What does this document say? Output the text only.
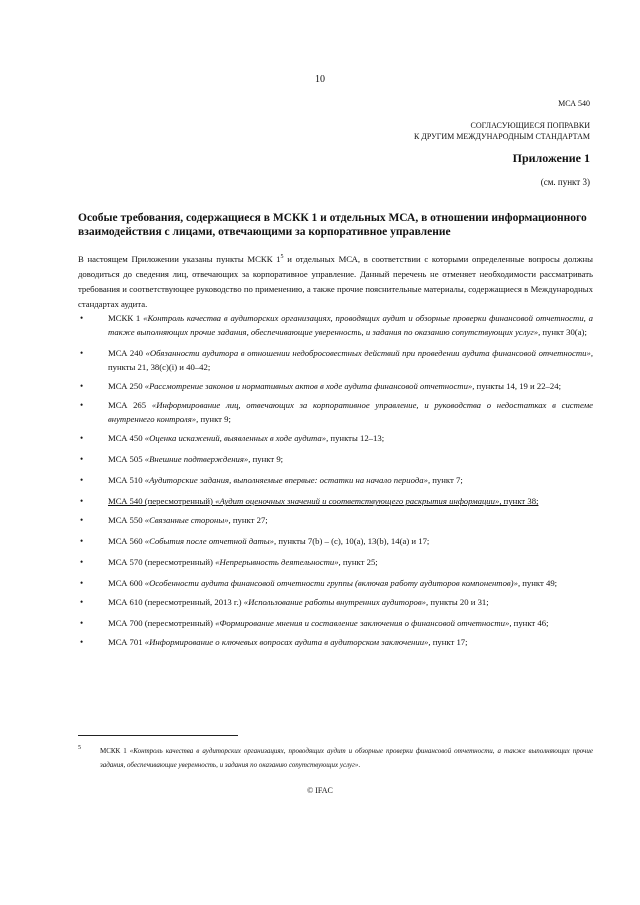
10
МСА 540
СОГЛАСУЮЩИЕСЯ ПОПРАВКИ
К ДРУГИМ МЕЖДУНАРОДНЫМ СТАНДАРТАМ
Приложение 1
(см. пункт 3)
Особые требования, содержащиеся в МСКК 1 и отдельных МСА, в отношении информационного взаимодействия с лицами, отвечающими за корпоративное управление
В настоящем Приложении указаны пункты МСКК $1^5$ и отдельных МСА, в соответствии с которыми определенные вопросы должны доводиться до сведения лиц, отвечающих за корпоративное управление. Данный перечень не отменяет необходимости рассматривать требования и соответствующее руководство по применению, а также прочие пояснительные материалы, содержащиеся в Международных стандартах аудита.
•	МСКК 1 «Контроль качества в аудиторских организациях, проводящих аудит и обзорные проверки финансовой отчетности, а также выполняющих прочие задания, обеспечивающие уверенность, и задания по оказанию сопутствующих услуг», пункт 30(a);
•	МСА 240 «Обязанности аудитора в отношении недобросовестных действий при проведении аудита финансовой отчетности», пункты 21, 38(c)(i) и 40–42;
•	МСА 250 «Рассмотрение законов и нормативных актов в ходе аудита финансовой отчетности», пункты 14, 19 и 22–24;
•	МСА 265 «Информирование лиц, отвечающих за корпоративное управление, и руководства о недостатках в системе внутреннего контроля», пункт 9;
•	МСА 450 «Оценка искажений, выявленных в ходе аудита», пункты 12–13;
•	МСА 505 «Внешние подтверждения», пункт 9;
•	МСА 510 «Аудиторские задания, выполняемые впервые: остатки на начало периода», пункт 7;
•	МСА 540 (пересмотренный) «Аудит оценочных значений и соответствующего раскрытия информации», пункт 38;
•	МСА 550 «Связанные стороны», пункт 27;
•	МСА 560 «События после отчетной даты», пункты 7(b) – (c), 10(a), 13(b), 14(a) и 17;
•	МСА 570 (пересмотренный) «Непрерывность деятельности», пункт 25;
•	МСА 600 «Особенности аудита финансовой отчетности группы (включая работу аудиторов компонентов)», пункт 49;
•	МСА 610 (пересмотренный, 2013 г.) «Использование работы внутренних аудиторов», пункты 20 и 31;
•	МСА 700 (пересмотренный) «Формирование мнения и составление заключения о финансовой отчетности», пункт 46;
•	МСА 701 «Информирование о ключевых вопросах аудита в аудиторском заключении», пункт 17;
5	МСКК 1 «Контроль качества в аудиторских организациях, проводящих аудит и обзорные проверки финансовой отчетности, а также выполняющих прочие задания, обеспечивающие уверенность, и задания по оказанию сопутствующих услуг».
© IFAC
